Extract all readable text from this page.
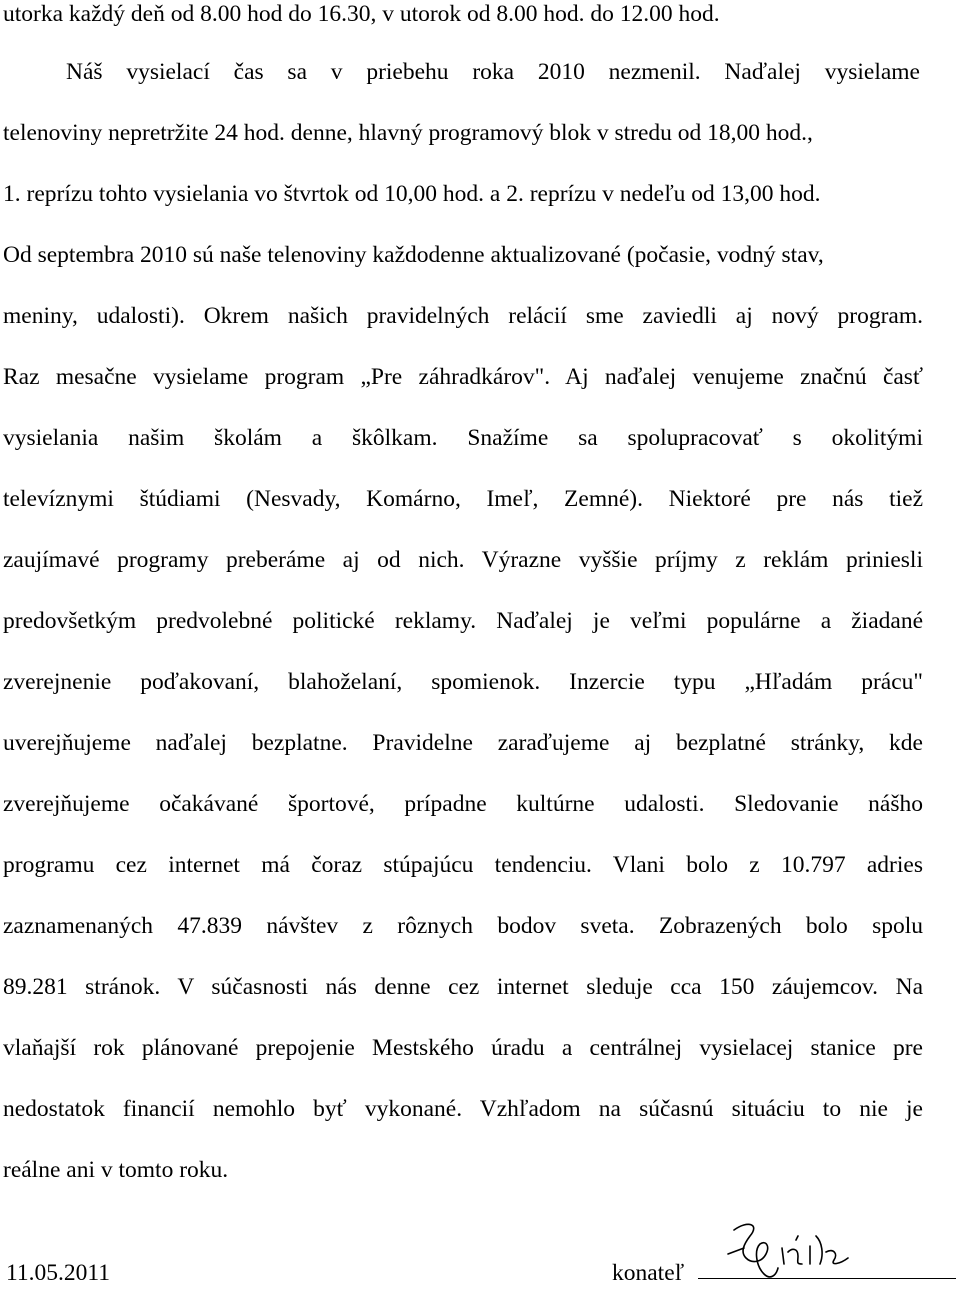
utorka každý deň od 8.00 hod do 16.30, v utorok od 8.00 hod. do 12.00 hod.
Náš vysielací čas sa v priebehu roka 2010 nezmenil. Naďalej vysielame
telenoviny nepretržite 24 hod. denne, hlavný programový blok v stredu od 18,00 hod.,
1. reprízu tohto vysielania vo štvrtok od 10,00 hod. a 2. reprízu v nedeľu od 13,00 hod.
Od septembra 2010 sú naše telenoviny každodenne aktualizované (počasie, vodný stav,
meniny, udalosti). Okrem našich pravidelných relácií sme zaviedli aj nový program.
Raz mesačne vysielame program „Pre záhradkárov". Aj naďalej venujeme značnú časť
vysielania našim školám a škôlkam. Snažíme sa spolupracovať s okolitými
televíznymi štúdiami (Nesvady, Komárno, Imeľ, Zemné). Niektoré pre nás tiež
zaujímavé programy preberáme aj od nich. Výrazne vyššie príjmy z reklám priniesli
predovšetkým predvolebné politické reklamy. Naďalej je veľmi populárne a žiadané
zverejnenie poďakovaní, blahoželaní, spomienok. Inzercie typu „Hľadám prácu"
uverejňujeme naďalej bezplatne. Pravidelne zaraďujeme aj bezplatné stránky, kde
zverejňujeme očakávané športové, prípadne kultúrne udalosti. Sledovanie nášho
programu cez internet má čoraz stúpajúcu tendenciu. Vlani bolo z 10.797 adries
zaznamenaných 47.839 návštev z rôznych bodov sveta. Zobrazených bolo spolu
89.281 stránok. V súčasnosti nás denne cez internet sleduje cca 150 záujemcov. Na
vlaňajší rok plánované prepojenie Mestského úradu a centrálnej vysielacej stanice pre
nedostatok financií nemohlo byť vykonané. Vzhľadom na súčasnú situáciu to nie je
reálne ani v tomto roku.
11.05.2011	konateľ
